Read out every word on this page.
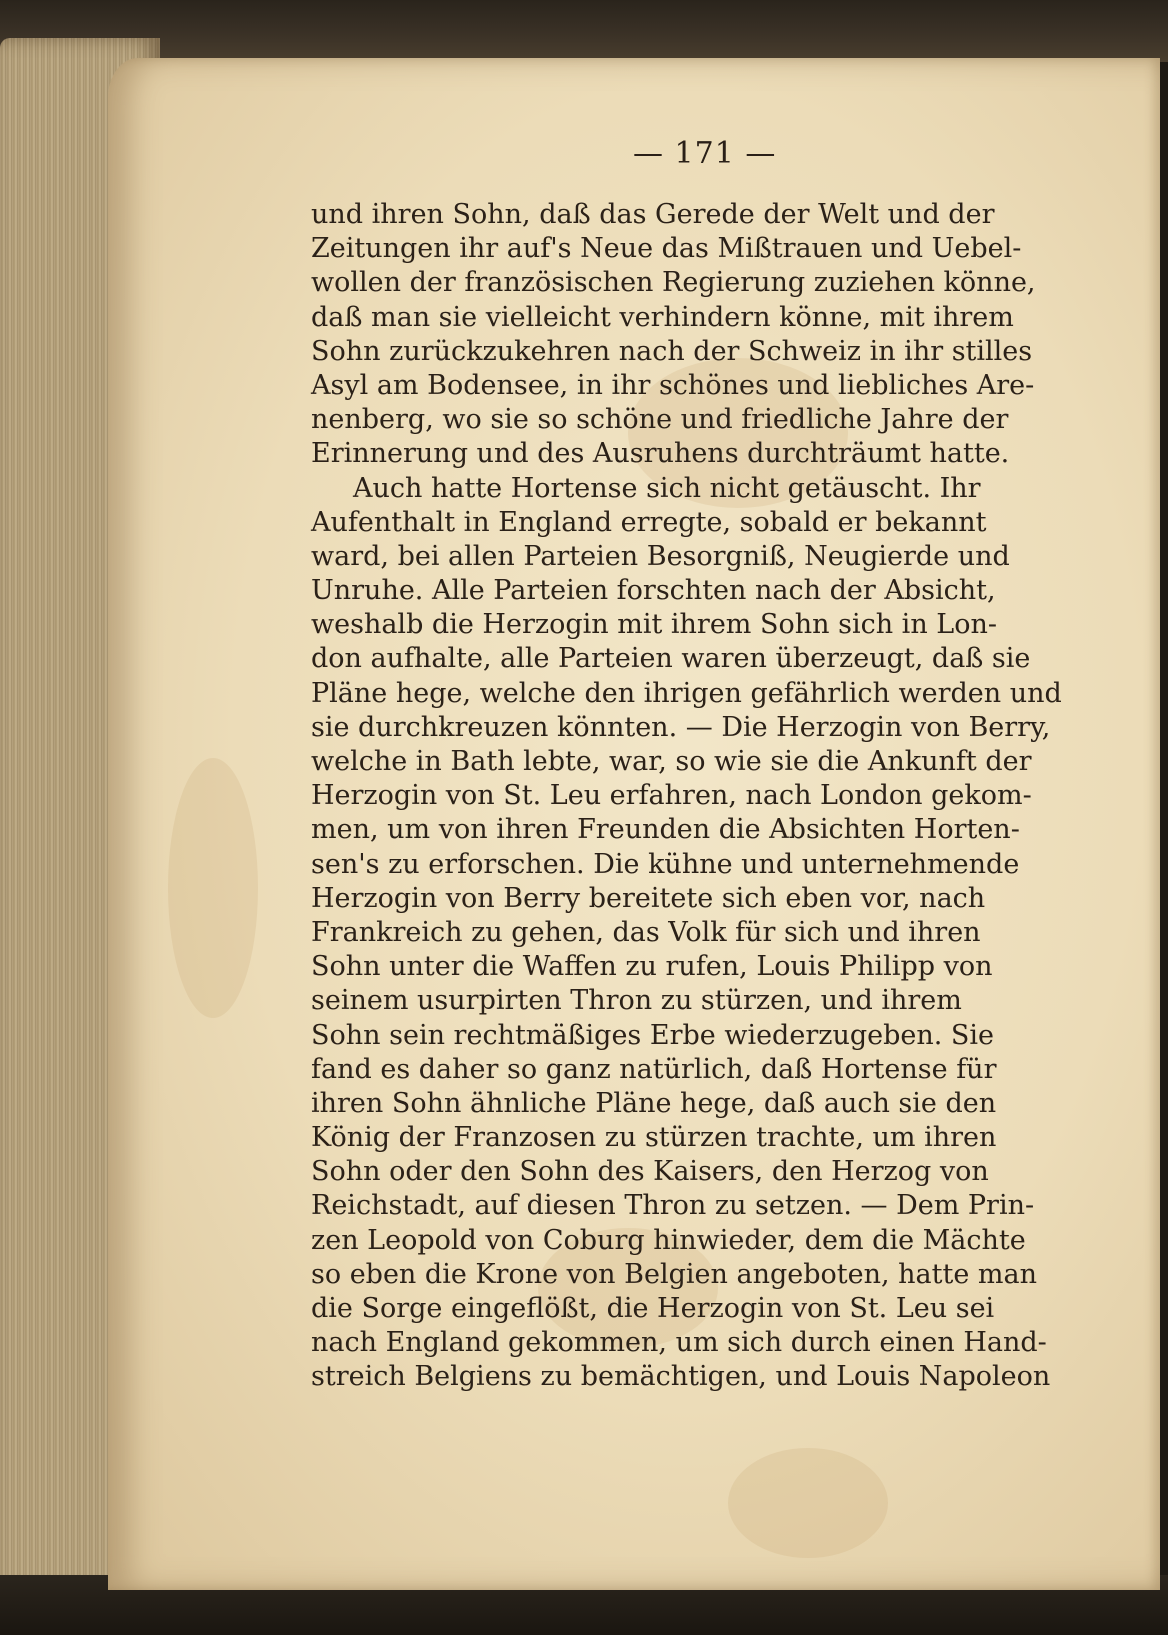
— 171 —
und ihren Sohn, daß das Gerede der Welt und der
Zeitungen ihr auf's Neue das Mißtrauen und Uebel-
wollen der französischen Regierung zuziehen könne,
daß man sie vielleicht verhindern könne, mit ihrem
Sohn zurückzukehren nach der Schweiz in ihr stilles
Asyl am Bodensee, in ihr schönes und liebliches Are-
nenberg, wo sie so schöne und friedliche Jahre der
Erinnerung und des Ausruhens durchträumt hatte.
Auch hatte Hortense sich nicht getäuscht. Ihr
Aufenthalt in England erregte, sobald er bekannt
ward, bei allen Parteien Besorgniß, Neugierde und
Unruhe. Alle Parteien forschten nach der Absicht,
weshalb die Herzogin mit ihrem Sohn sich in Lon-
don aufhalte, alle Parteien waren überzeugt, daß sie
Pläne hege, welche den ihrigen gefährlich werden und
sie durchkreuzen könnten. — Die Herzogin von Berry,
welche in Bath lebte, war, so wie sie die Ankunft der
Herzogin von St. Leu erfahren, nach London gekom-
men, um von ihren Freunden die Absichten Horten-
sen's zu erforschen. Die kühne und unternehmende
Herzogin von Berry bereitete sich eben vor, nach
Frankreich zu gehen, das Volk für sich und ihren
Sohn unter die Waffen zu rufen, Louis Philipp von
seinem usurpirten Thron zu stürzen, und ihrem
Sohn sein rechtmäßiges Erbe wiederzugeben. Sie
fand es daher so ganz natürlich, daß Hortense für
ihren Sohn ähnliche Pläne hege, daß auch sie den
König der Franzosen zu stürzen trachte, um ihren
Sohn oder den Sohn des Kaisers, den Herzog von
Reichstadt, auf diesen Thron zu setzen. — Dem Prin-
zen Leopold von Coburg hinwieder, dem die Mächte
so eben die Krone von Belgien angeboten, hatte man
die Sorge eingeflößt, die Herzogin von St. Leu sei
nach England gekommen, um sich durch einen Hand-
streich Belgiens zu bemächtigen, und Louis Napoleon
